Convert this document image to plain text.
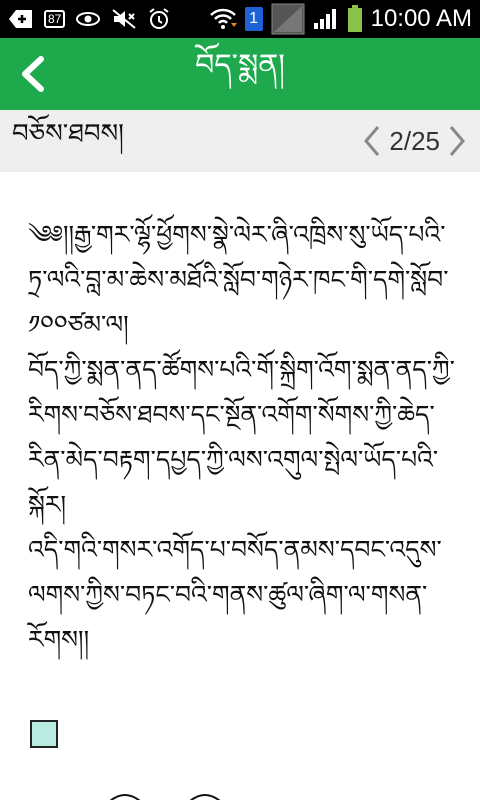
87	1	10:00 AM
བོད་སྨན།
བཅོས་ཐབས།	2/25

༄༅།།རྒྱ་གར་ལྷོ་ཕྱོགས་སྣེ་ལེར་ཞི་འཁྲིས་སུ་ཡོད་པའི་ཏྲ་ལའི་བླ་མ་ཆེས་མཐོའི་སློབ་གཉེར་ཁང་གི་དགེ་སློབ་༡༠༠ཙམ་ལ།

བོད་ཀྱི་སྨན་ནད་ཚོགས་པའི་གོ་སྐྲིག་འོག་སྨན་ནད་ཀྱི་རིགས་བཅོས་ཐབས་དང་སྔོན་འགོག་སོགས་ཀྱི་ཆེད་རིན་མེད་བརྟག་དཔྱད་ཀྱི་ལས་འགུལ་སྤེལ་ཡོད་པའི་སྐོར།

འདི་གའི་གསར་འགོད་པ་བསོད་ནམས་དབང་འདུས་ལགས་ཀྱིས་བཏང་བའི་གནས་ཚུལ་ཞིག་ལ་གསན་རོགས།།
